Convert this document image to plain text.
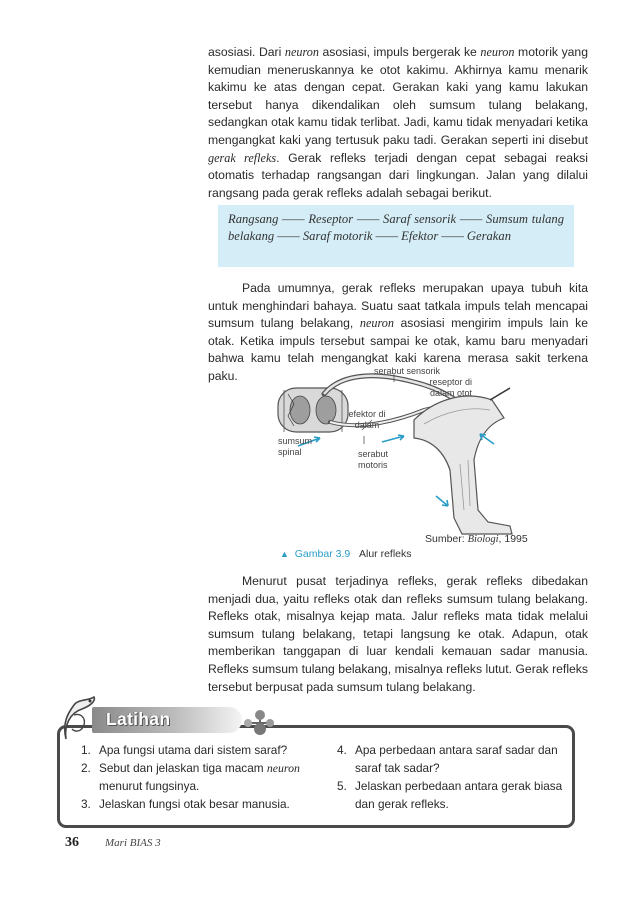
asosiasi. Dari neuron asosiasi, impuls bergerak ke neuron motorik yang kemudian meneruskannya ke otot kakimu. Akhirnya kamu menarik kakimu ke atas dengan cepat. Gerakan kaki yang kamu lakukan tersebut hanya dikendalikan oleh sumsum tulang belakang, sedangkan otak kamu tidak terlibat. Jadi, kamu tidak menyadari ketika mengangkat kaki yang tertusuk paku tadi. Gerakan seperti ini disebut gerak refleks. Gerak refleks terjadi dengan cepat sebagai reaksi otomatis terhadap rangsangan dari lingkungan. Jalan yang dilalui rangsang pada gerak refleks adalah sebagai berikut.

Rangsang —— Reseptor —— Saraf sensorik —— Sumsum tulang belakang —— Saraf motorik —— Efektor —— Gerakan

Pada umumnya, gerak refleks merupakan upaya tubuh kita untuk menghindari bahaya. Suatu saat tatkala impuls telah mencapai sumsum tulang belakang, neuron asosiasi mengirim impuls lain ke otak. Ketika impuls tersebut sampai ke otak, kamu baru menyadari bahwa kamu telah mengangkat kaki karena merasa sakit terkena paku.	serabut sensorik
reseptor di dalam otot
efektor di dalam
sumsum spinal	serabut motoris
Sumber: Biologi, 1995
▲ Gambar 3.9 Alur refleks

Menurut pusat terjadinya refleks, gerak refleks dibedakan menjadi dua, yaitu refleks otak dan refleks sumsum tulang belakang. Refleks otak, misalnya kejap mata. Jalur refleks mata tidak melalui sumsum tulang belakang, tetapi langsung ke otak. Adapun, otak memberikan tanggapan di luar kendali kemauan sadar manusia. Refleks sumsum tulang belakang, misalnya refleks lutut. Gerak refleks tersebut berpusat pada sumsum tulang belakang.

Latihan
1. Apa fungsi utama dari sistem saraf?
2. Sebut dan jelaskan tiga macam neuron menurut fungsinya.
3. Jelaskan fungsi otak besar manusia.
4. Apa perbedaan antara saraf sadar dan saraf tak sadar?
5. Jelaskan perbedaan antara gerak biasa dan gerak refleks.
36 Mari BIAS 3
